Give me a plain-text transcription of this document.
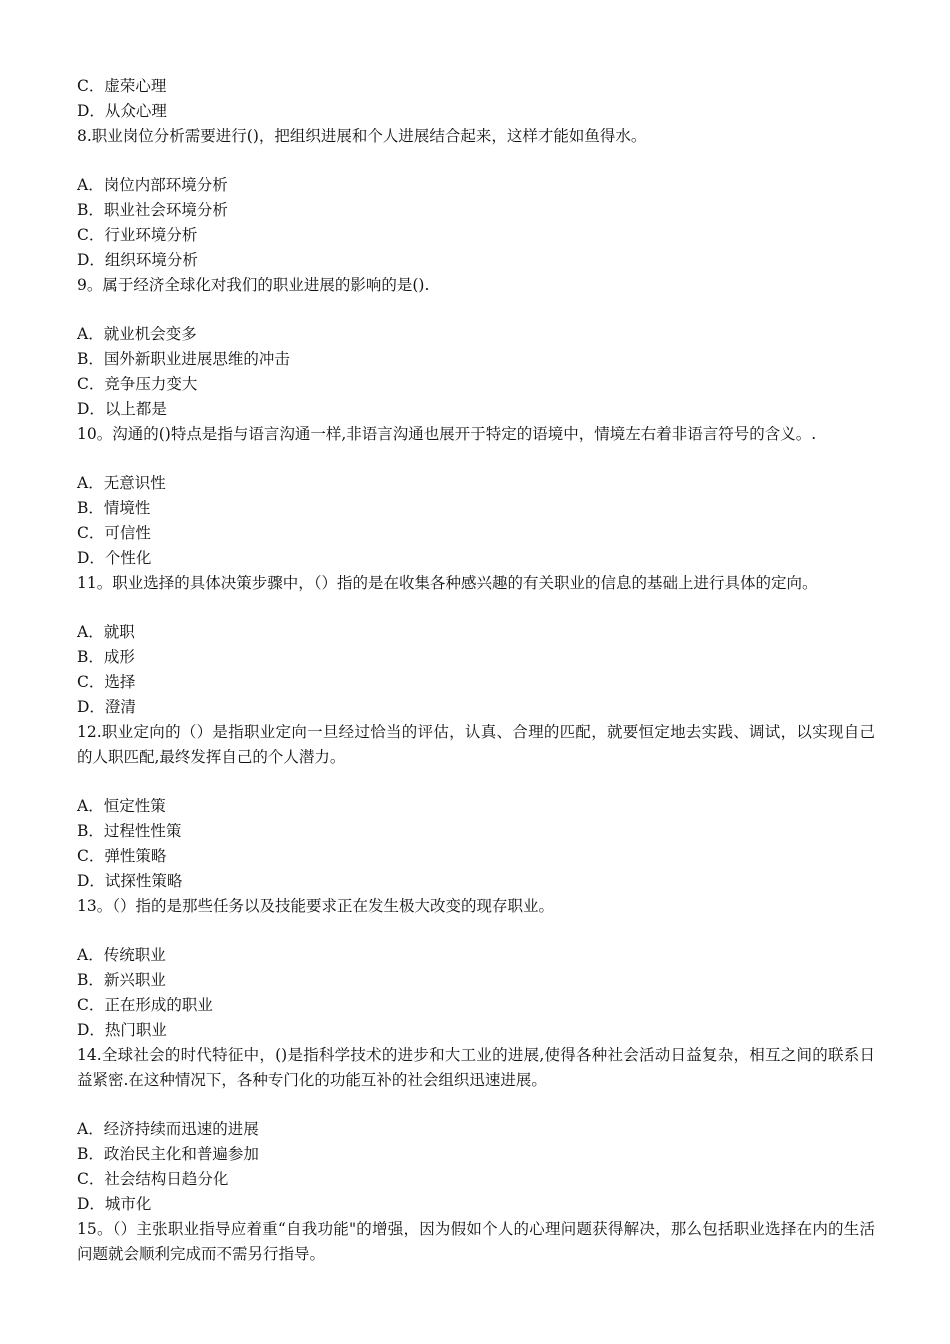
C．虚荣心理
D．从众心理
8.职业岗位分析需要进行()，把组织进展和个人进展结合起来，这样才能如鱼得水。
A．岗位内部环境分析
B．职业社会环境分析
C．行业环境分析
D．组织环境分析
9。属于经济全球化对我们的职业进展的影响的是().
A．就业机会变多
B．国外新职业进展思维的冲击
C．竞争压力变大
D．以上都是
10。沟通的()特点是指与语言沟通一样,非语言沟通也展开于特定的语境中，情境左右着非语言符号的含义。.
A．无意识性
B．情境性
C．可信性
D．个性化
11。职业选择的具体决策步骤中，（）指的是在收集各种感兴趣的有关职业的信息的基础上进行具体的定向。
A．就职
B．成形
C．选择
D．澄清
12.职业定向的（）是指职业定向一旦经过恰当的评估，认真、合理的匹配，就要恒定地去实践、调试，以实现自己的人职匹配,最终发挥自己的个人潜力。
A．恒定性策
B．过程性性策
C．弹性策略
D．试探性策略
13。（）指的是那些任务以及技能要求正在发生极大改变的现存职业。
A．传统职业
B．新兴职业
C．正在形成的职业
D．热门职业
14.全球社会的时代特征中，()是指科学技术的进步和大工业的进展,使得各种社会活动日益复杂，相互之间的联系日益紧密.在这种情况下，各种专门化的功能互补的社会组织迅速进展。
A．经济持续而迅速的进展
B．政治民主化和普遍参加
C．社会结构日趋分化
D．城市化
15。（）主张职业指导应着重“自我功能"的增强，因为假如个人的心理问题获得解决，那么包括职业选择在内的生活问题就会顺利完成而不需另行指导。
